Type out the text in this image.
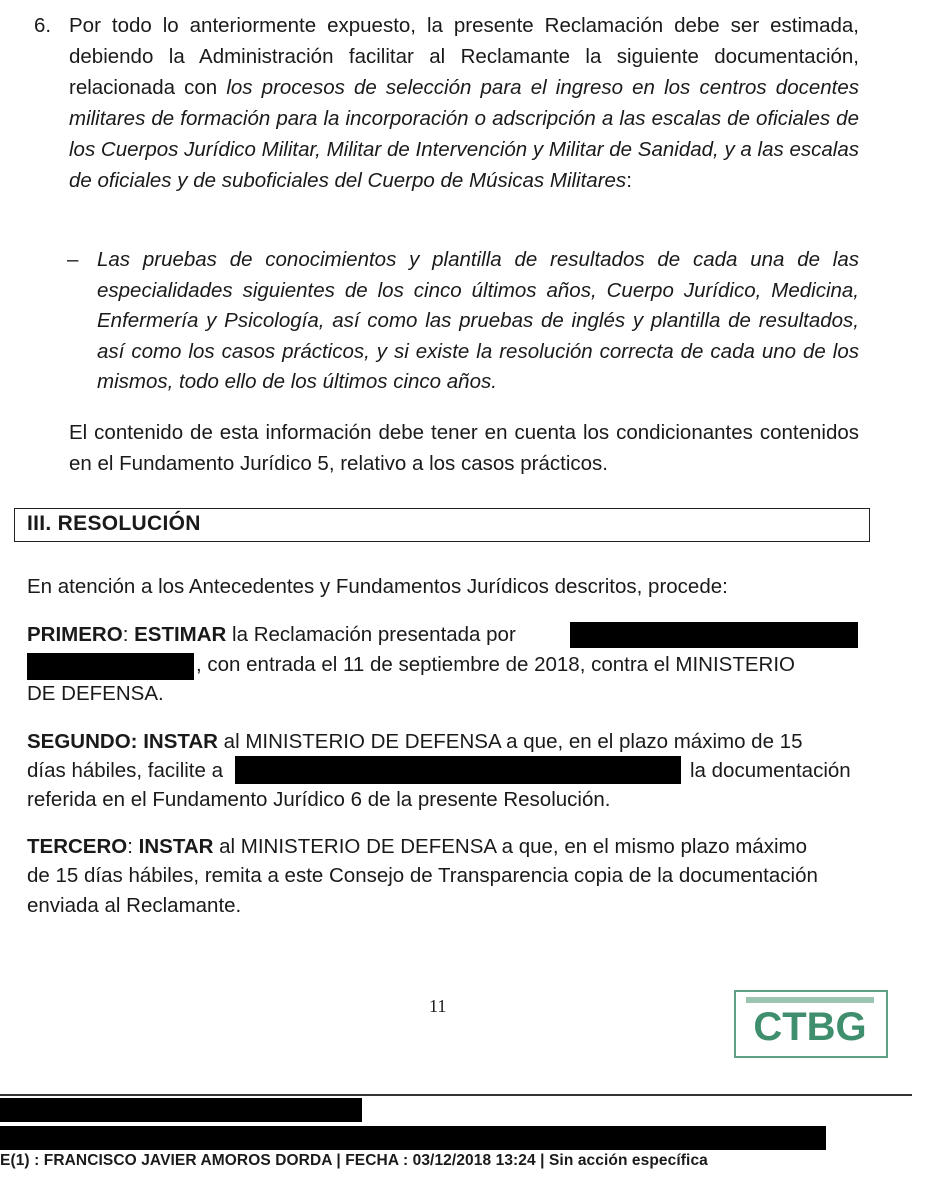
6. Por todo lo anteriormente expuesto, la presente Reclamación debe ser estimada, debiendo la Administración facilitar al Reclamante la siguiente documentación, relacionada con los procesos de selección para el ingreso en los centros docentes militares de formación para la incorporación o adscripción a las escalas de oficiales de los Cuerpos Jurídico Militar, Militar de Intervención y Militar de Sanidad, y a las escalas de oficiales y de suboficiales del Cuerpo de Músicas Militares:
– Las pruebas de conocimientos y plantilla de resultados de cada una de las especialidades siguientes de los cinco últimos años, Cuerpo Jurídico, Medicina, Enfermería y Psicología, así como las pruebas de inglés y plantilla de resultados, así como los casos prácticos, y si existe la resolución correcta de cada uno de los mismos, todo ello de los últimos cinco años.
El contenido de esta información debe tener en cuenta los condicionantes contenidos en el Fundamento Jurídico 5, relativo a los casos prácticos.
III. RESOLUCIÓN
En atención a los Antecedentes y Fundamentos Jurídicos descritos, procede:
PRIMERO: ESTIMAR la Reclamación presentada por
, con entrada el 11 de septiembre de 2018, contra el MINISTERIO
DE DEFENSA.
SEGUNDO: INSTAR al MINISTERIO DE DEFENSA a que, en el plazo máximo de 15
días hábiles, facilite a	la documentación
referida en el Fundamento Jurídico 6 de la presente Resolución.
TERCERO: INSTAR al MINISTERIO DE DEFENSA a que, en el mismo plazo máximo
de 15 días hábiles, remita a este Consejo de Transparencia copia de la documentación
enviada al Reclamante.
11	CTBG
E(1) : FRANCISCO JAVIER AMOROS DORDA | FECHA : 03/12/2018 13:24 | Sin acción específica
